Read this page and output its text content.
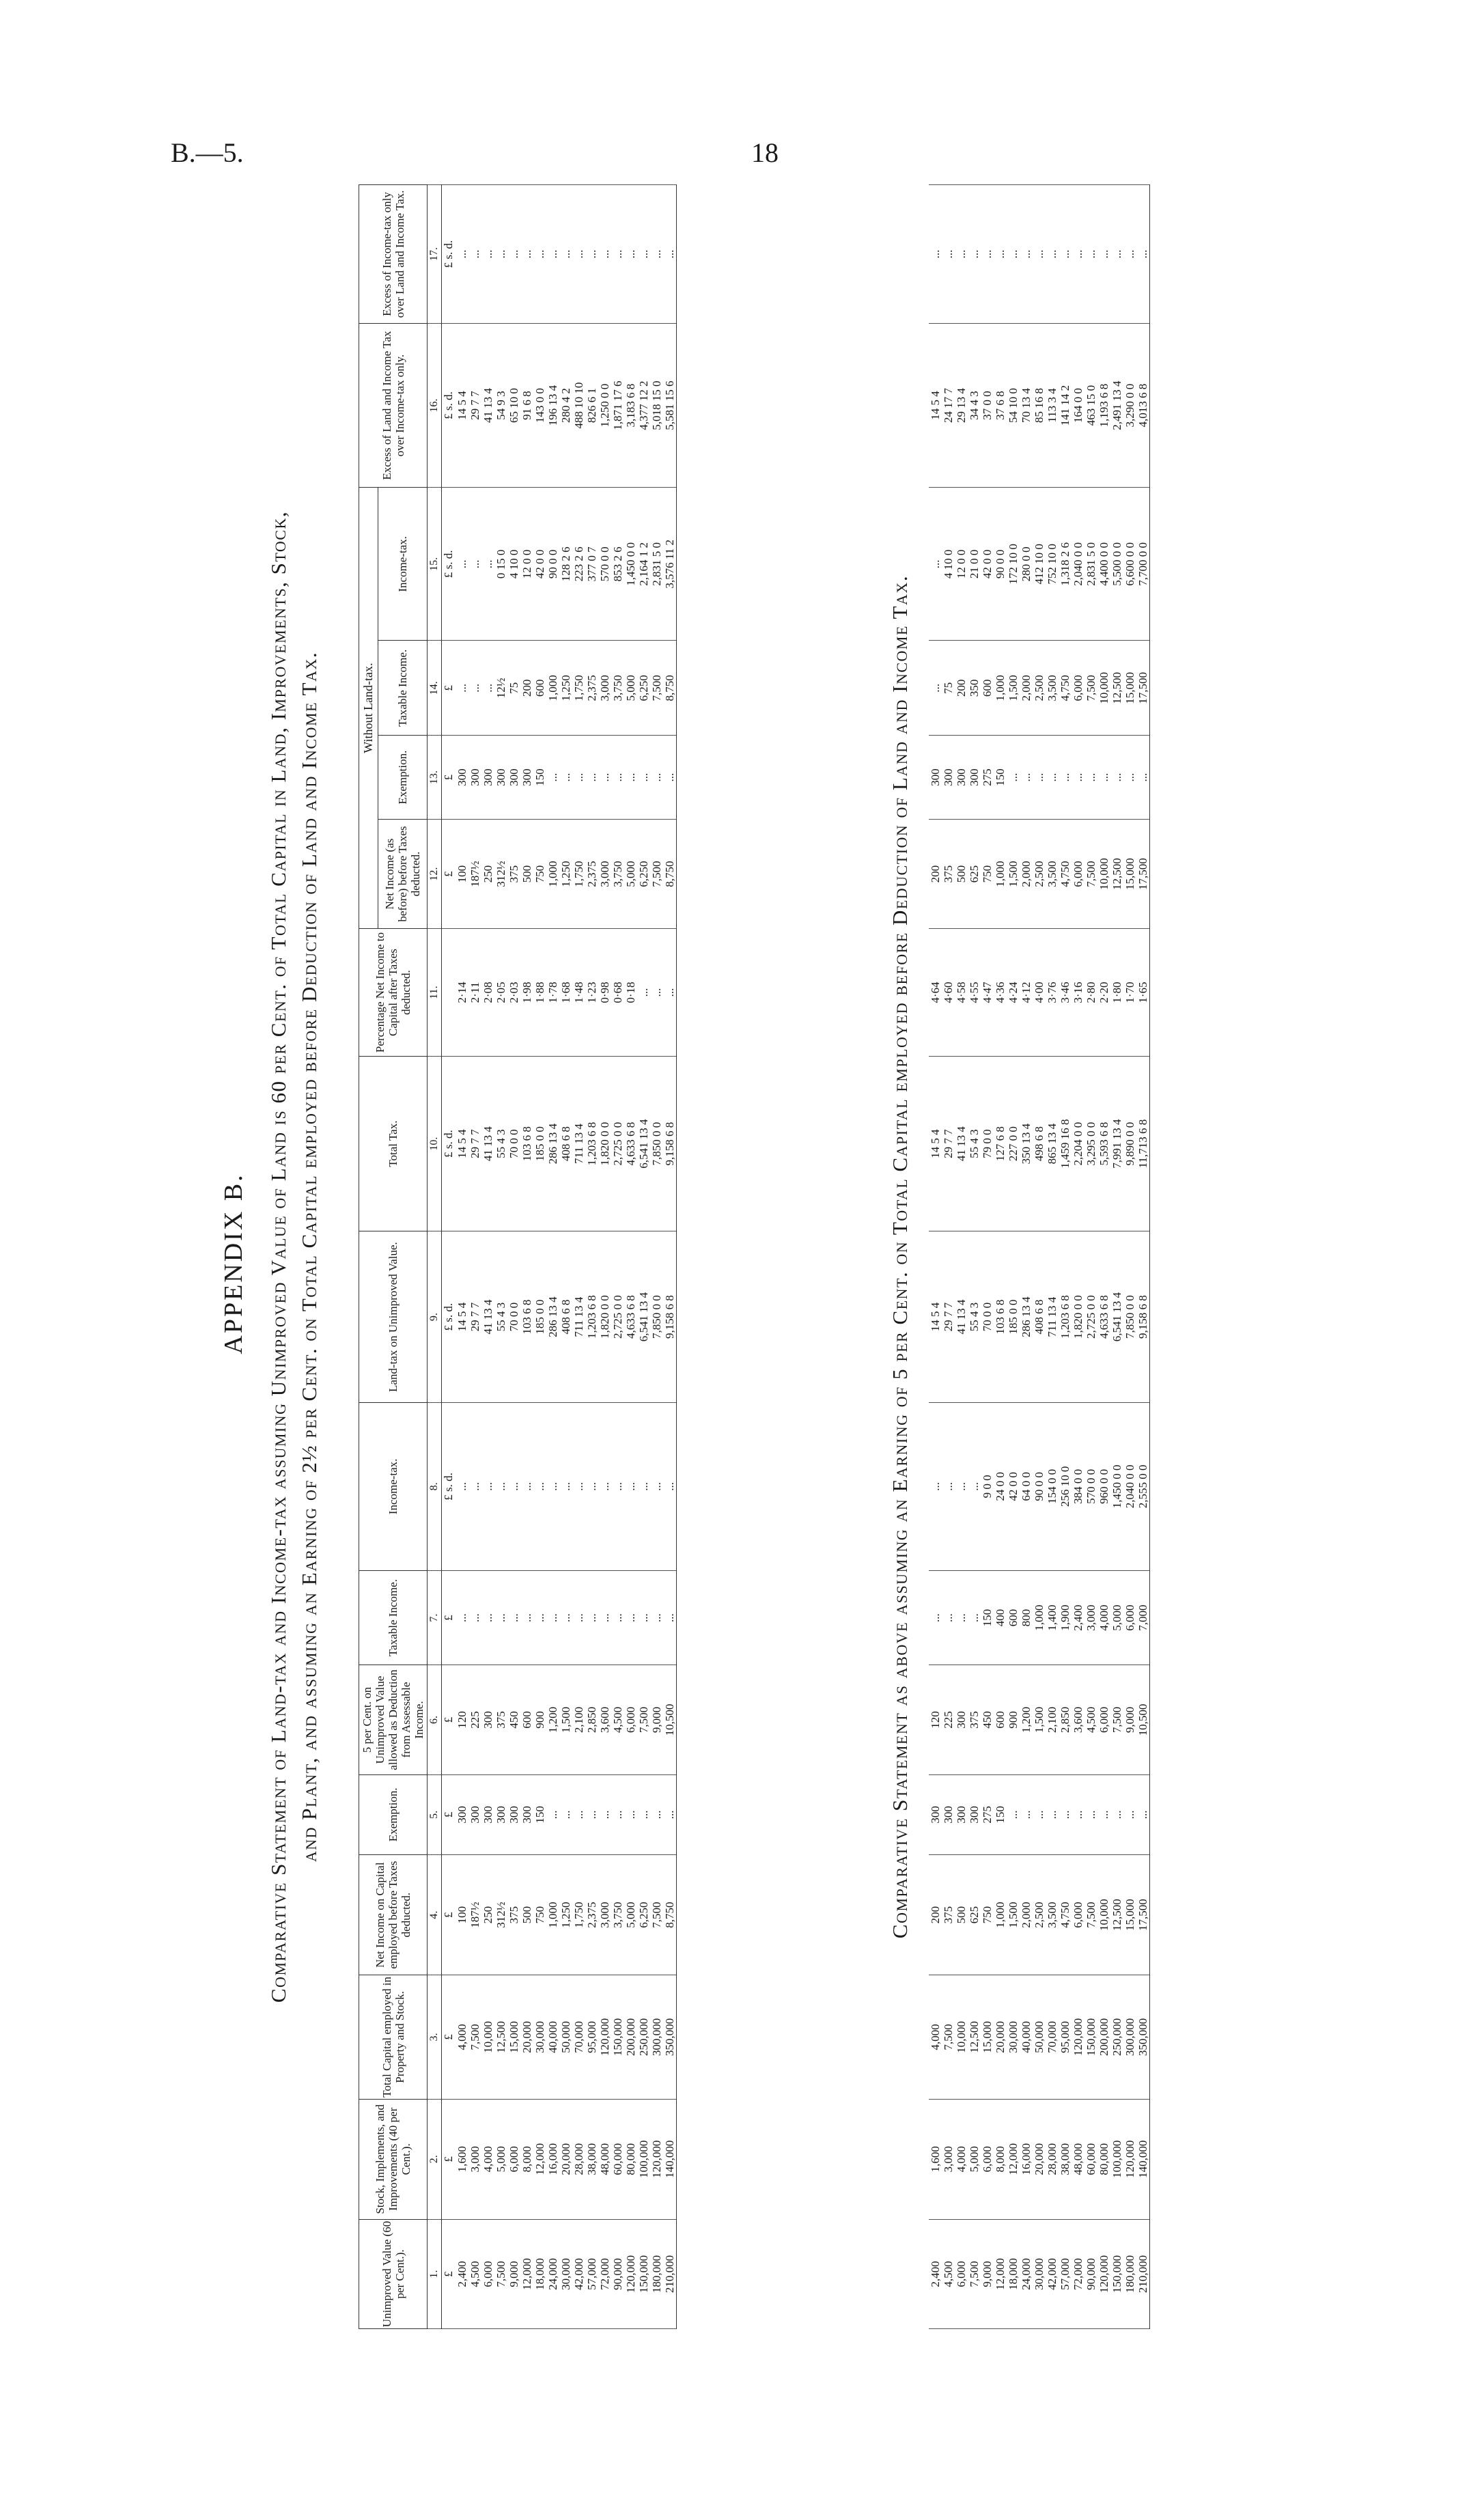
B.—5.	18
APPENDIX B. Comparative Statement of Land-tax and Income-tax assuming Unimproved Value of Land is 60 per Cent. of Total Capital in Land, Improvements, Stock, and Plant, and assuming an Earning of 2½ per Cent. on Total Capital employed before Deduction of Land and Income Tax.
Unimproved Value (60 per Cent.).	Stock, Implements, and Improvements (40 per Cent.).	Total Capital employed in Property and Stock.	Net Income on Capital employed before Taxes deducted.	Exemption.	5 per Cent. on Unimproved Value allowed as Deduction from Assessable Income.	Taxable Income.	Income-tax.	Land-tax on Unimproved Value.	Total Tax.	Percentage Net Income to Capital after Taxes deducted.	Without Land-tax.				Excess of Land and Income Tax over Income-tax only.	Excess of Income-tax only over Land and Income Tax.
											Net Income (as before) before Taxes deducted.	Exemption.	Taxable Income.	Income-tax.		
1.	2.	3.	4.	5.	6.	7.	8.	9.	10.	11.	12.	13.	14.	15.	16.	17.
£	£	£	£	£	£	£	£ s. d.	£ s. d.	£ s. d.		£	£	£	£ s. d.	£ s. d.	£ s. d.
2,400	1,600	4,000	100	300	120	...	...	14 5 4	14 5 4	2·14	100	300	...	...	14 5 4	...
4,500	3,000	7,500	187½	300	225	...	...	29 7 7	29 7 7	2·11	187½	300	...	...	29 7 7	...
6,000	4,000	10,000	250	300	300	...	...	41 13 4	41 13 4	2·08	250	300	...	...	41 13 4	...
7,500	5,000	12,500	312½	300	375	...	...	55 4 3	55 4 3	2·05	312½	300	12½	0 15 0	54 9 3	...
9,000	6,000	15,000	375	300	450	...	...	70 0 0	70 0 0	2·03	375	300	75	4 10 0	65 10 0	...
12,000	8,000	20,000	500	300	600	...	...	103 6 8	103 6 8	1·98	500	300	200	12 0 0	91 6 8	...
18,000	12,000	30,000	750	150	900	...	...	185 0 0	185 0 0	1·88	750	150	600	42 0 0	143 0 0	...
24,000	16,000	40,000	1,000	...	1,200	...	...	286 13 4	286 13 4	1·78	1,000	...	1,000	90 0 0	196 13 4	...
30,000	20,000	50,000	1,250	...	1,500	...	...	408 6 8	408 6 8	1·68	1,250	...	1,250	128 2 6	280 4 2	...
42,000	28,000	70,000	1,750	...	2,100	...	...	711 13 4	711 13 4	1·48	1,750	...	1,750	223 2 6	488 10 10	...
57,000	38,000	95,000	2,375	...	2,850	...	...	1,203 6 8	1,203 6 8	1·23	2,375	...	2,375	377 0 7	826 6 1	...
72,000	48,000	120,000	3,000	...	3,600	...	...	1,820 0 0	1,820 0 0	0·98	3,000	...	3,000	570 0 0	1,250 0 0	...
90,000	60,000	150,000	3,750	...	4,500	...	...	2,725 0 0	2,725 0 0	0·68	3,750	...	3,750	853 2 6	1,871 17 6	...
120,000	80,000	200,000	5,000	...	6,000	...	...	4,633 6 8	4,633 6 8	0·18	5,000	...	5,000	1,450 0 0	3,183 6 8	...
150,000	100,000	250,000	6,250	...	7,500	...	...	6,541 13 4	6,541 13 4	...	6,250	...	6,250	2,164 1 2	4,377 12 2	...
180,000	120,000	300,000	7,500	...	9,000	...	...	7,850 0 0	7,850 0 0	...	7,500	...	7,500	2,831 5 0	5,018 15 0	...
210,000	140,000	350,000	8,750	...	10,500	...	...	9,158 6 8	9,158 6 8	...	8,750	...	8,750	3,576 11 2	5,581 15 6	...
Comparative Statement as above assuming an Earning of 5 per Cent. on Total Capital employed before Deduction of Land and Income Tax.
2,400	1,600	4,000	200	300	120	...	...	14 5 4	14 5 4	4·64	200	300	...	...	14 5 4	...
4,500	3,000	7,500	375	300	225	...	...	29 7 7	29 7 7	4·60	375	300	75	4 10 0	24 17 7	...
6,000	4,000	10,000	500	300	300	...	...	41 13 4	41 13 4	4·58	500	300	200	12 0 0	29 13 4	...
7,500	5,000	12,500	625	300	375	...	...	55 4 3	55 4 3	4·55	625	300	350	21 0 0	34 4 3	...
9,000	6,000	15,000	750	275	450	150	9 0 0	70 0 0	79 0 0	4·47	750	275	600	42 0 0	37 0 0	...
12,000	8,000	20,000	1,000	150	600	400	24 0 0	103 6 8	127 6 8	4·36	1,000	150	1,000	90 0 0	37 6 8	...
18,000	12,000	30,000	1,500	...	900	600	42 0 0	185 0 0	227 0 0	4·24	1,500	...	1,500	172 10 0	54 10 0	...
24,000	16,000	40,000	2,000	...	1,200	800	64 0 0	286 13 4	350 13 4	4·12	2,000	...	2,000	280 0 0	70 13 4	...
30,000	20,000	50,000	2,500	...	1,500	1,000	90 0 0	408 6 8	498 6 8	4·00	2,500	...	2,500	412 10 0	85 16 8	...
42,000	28,000	70,000	3,500	...	2,100	1,400	154 0 0	711 13 4	865 13 4	3·76	3,500	...	3,500	752 10 0	113 3 4	...
57,000	38,000	95,000	4,750	...	2,850	1,900	256 10 0	1,203 6 8	1,459 16 8	3·46	4,750	...	4,750	1,318 2 6	141 14 2	...
72,000	48,000	120,000	6,000	...	3,600	2,400	384 0 0	1,820 0 0	2,204 0 0	3·16	6,000	...	6,000	2,040 0 0	164 0 0	...
90,000	60,000	150,000	7,500	...	4,500	3,000	570 0 0	2,725 0 0	3,295 0 0	2·80	7,500	...	7,500	2,831 5 0	463 15 0	...
120,000	80,000	200,000	10,000	...	6,000	4,000	960 0 0	4,633 6 8	5,593 6 8	2·20	10,000	...	10,000	4,400 0 0	1,193 6 8	...
150,000	100,000	250,000	12,500	...	7,500	5,000	1,450 0 0	6,541 13 4	7,991 13 4	1·80	12,500	...	12,500	5,500 0 0	2,491 13 4	...
180,000	120,000	300,000	15,000	...	9,000	6,000	2,040 0 0	7,850 0 0	9,890 0 0	1·70	15,000	...	15,000	6,600 0 0	3,290 0 0	...
210,000	140,000	350,000	17,500	...	10,500	7,000	2,555 0 0	9,158 6 8	11,713 6 8	1·65	17,500	...	17,500	7,700 0 0	4,013 6 8	...
